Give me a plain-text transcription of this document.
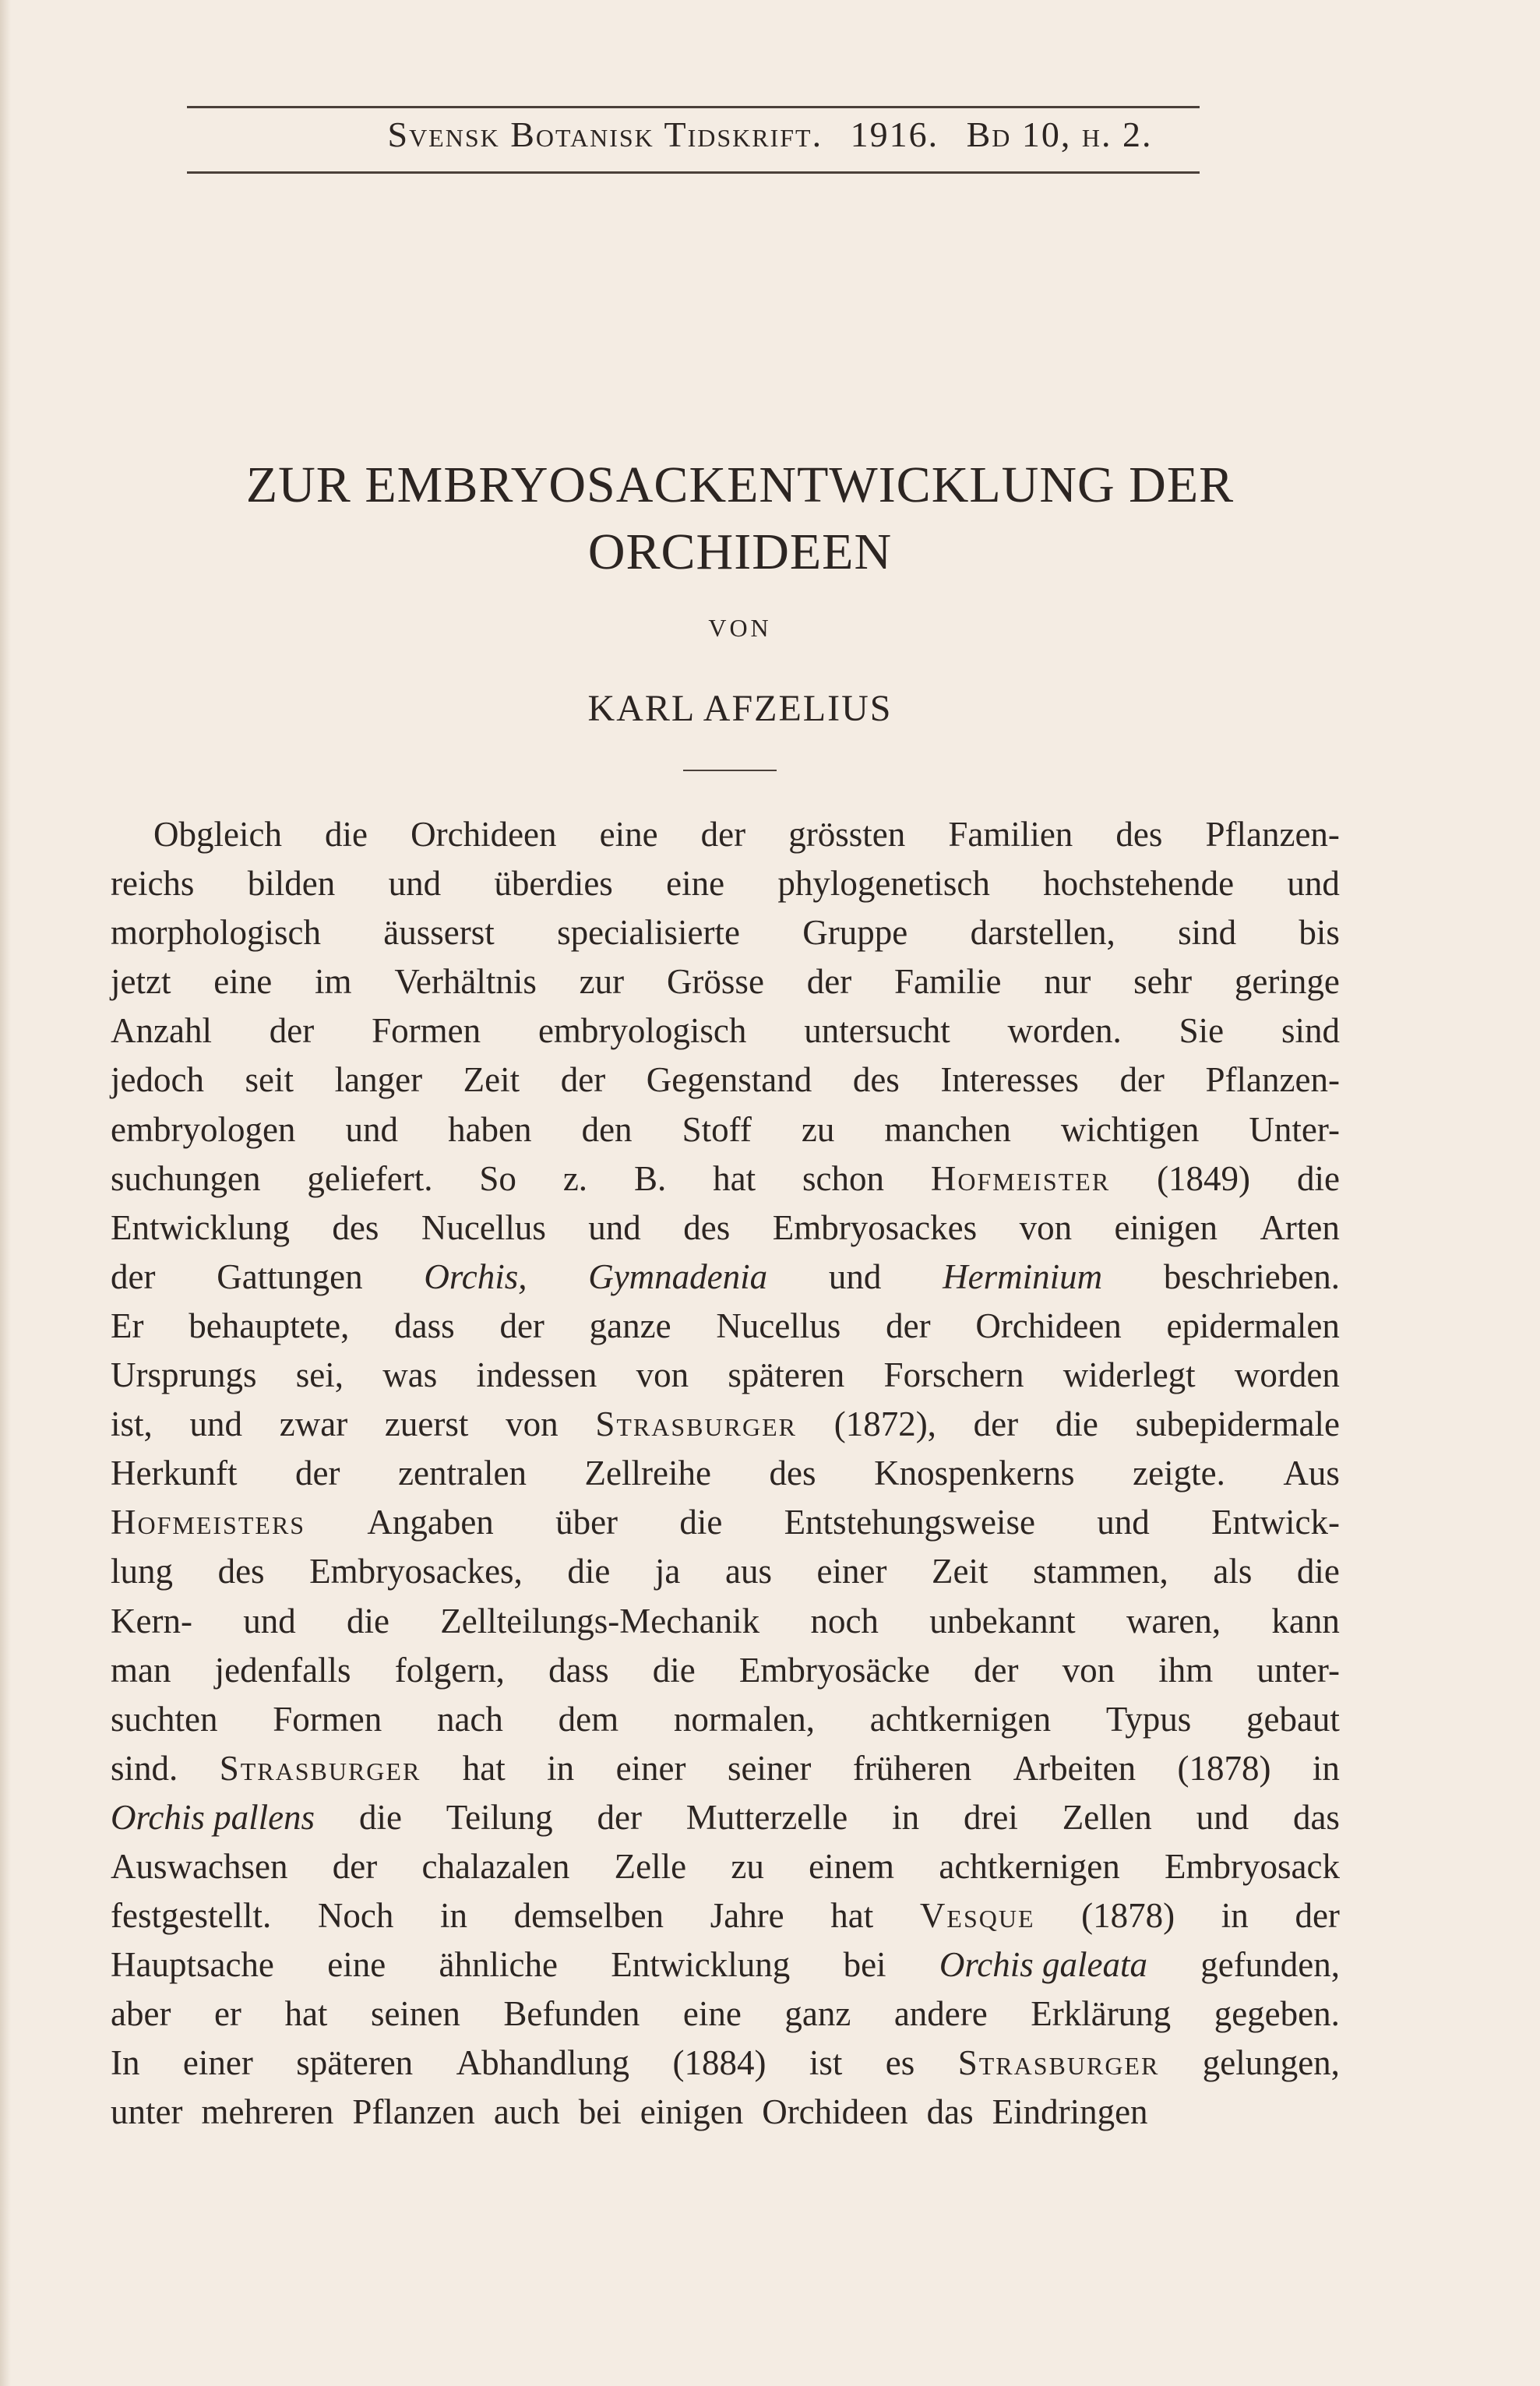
Svensk Botanisk Tidskrift. 1916. Bd 10, h. 2.
ZUR EMBRYOSACKENTWICKLUNG DER
ORCHIDEEN
VON
KARL AFZELIUS
Obgleich die Orchideen eine der grössten Familien des Pflanzen-
reichs bilden und überdies eine phylogenetisch hochstehende und
morphologisch äusserst specialisierte Gruppe darstellen, sind bis
jetzt eine im Verhältnis zur Grösse der Familie nur sehr geringe
Anzahl der Formen embryologisch untersucht worden. Sie sind
jedoch seit langer Zeit der Gegenstand des Interesses der Pflanzen-
embryologen und haben den Stoff zu manchen wichtigen Unter-
suchungen geliefert. So z. B. hat schon Hofmeister (1849) die
Entwicklung des Nucellus und des Embryosackes von einigen Arten
der Gattungen Orchis, Gymnadenia und Herminium beschrieben.
Er behauptete, dass der ganze Nucellus der Orchideen epidermalen
Ursprungs sei, was indessen von späteren Forschern widerlegt worden
ist, und zwar zuerst von Strasburger (1872), der die subepidermale
Herkunft der zentralen Zellreihe des Knospenkerns zeigte. Aus
Hofmeisters Angaben über die Entstehungsweise und Entwick-
lung des Embryosackes, die ja aus einer Zeit stammen, als die
Kern- und die Zellteilungs-Mechanik noch unbekannt waren, kann
man jedenfalls folgern, dass die Embryosäcke der von ihm unter-
suchten Formen nach dem normalen, achtkernigen Typus gebaut
sind. Strasburger hat in einer seiner früheren Arbeiten (1878) in
Orchis pallens die Teilung der Mutterzelle in drei Zellen und das
Auswachsen der chalazalen Zelle zu einem achtkernigen Embryosack
festgestellt. Noch in demselben Jahre hat Vesque (1878) in der
Hauptsache eine ähnliche Entwicklung bei Orchis galeata gefunden,
aber er hat seinen Befunden eine ganz andere Erklärung gegeben.
In einer späteren Abhandlung (1884) ist es Strasburger gelungen,
unter mehreren Pflanzen auch bei einigen Orchideen das Eindringen
